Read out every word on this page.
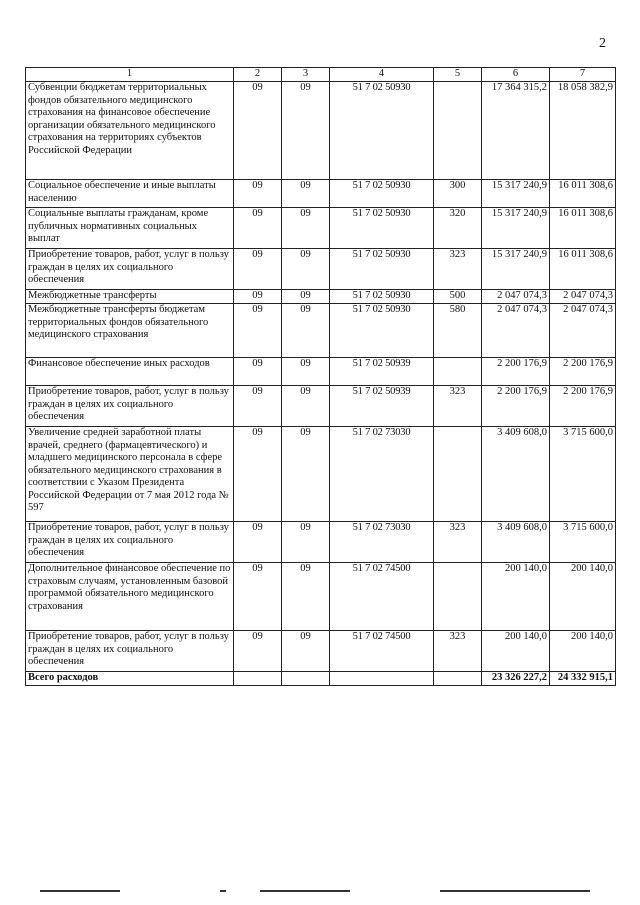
2
1	2	3	4	5	6	7
Субвенции бюджетам территориальных фондов обязательного медицинского страхования на финансовое обеспечение организации обязательного медицинского страхования на территориях субъектов Российской Федерации	09	09	51 7 02 50930		17 364 315,2	18 058 382,9
Социальное обеспечение и иные выплаты населению	09	09	51 7 02 50930	300	15 317 240,9	16 011 308,6
Социальные выплаты гражданам, кроме публичных нормативных социальных выплат	09	09	51 7 02 50930	320	15 317 240,9	16 011 308,6
Приобретение товаров, работ, услуг в пользу граждан в целях их социального обеспечения	09	09	51 7 02 50930	323	15 317 240,9	16 011 308,6
Межбюджетные трансферты	09	09	51 7 02 50930	500	2 047 074,3	2 047 074,3
Межбюджетные трансферты бюджетам территориальных фондов обязательного медицинского страхования	09	09	51 7 02 50930	580	2 047 074,3	2 047 074,3
Финансовое обеспечение иных расходов	09	09	51 7 02 50939		2 200 176,9	2 200 176,9
Приобретение товаров, работ, услуг в пользу граждан в целях их социального обеспечения	09	09	51 7 02 50939	323	2 200 176,9	2 200 176,9
Увеличение средней заработной платы врачей, среднего (фармацевтического) и младшего медицинского персонала в сфере обязательного медицинского страхования в соответствии с Указом Президента Российской Федерации от 7 мая 2012 года № 597	09	09	51 7 02 73030		3 409 608,0	3 715 600,0
Приобретение товаров, работ, услуг в пользу граждан в целях их социального обеспечения	09	09	51 7 02 73030	323	3 409 608,0	3 715 600,0
Дополнительное финансовое обеспечение по страховым случаям, установленным базовой программой обязательного медицинского страхования	09	09	51 7 02 74500		200 140,0	200 140,0
Приобретение товаров, работ, услуг в пользу граждан в целях их социального обеспечения	09	09	51 7 02 74500	323	200 140,0	200 140,0
Всего расходов					23 326 227,2	24 332 915,1
